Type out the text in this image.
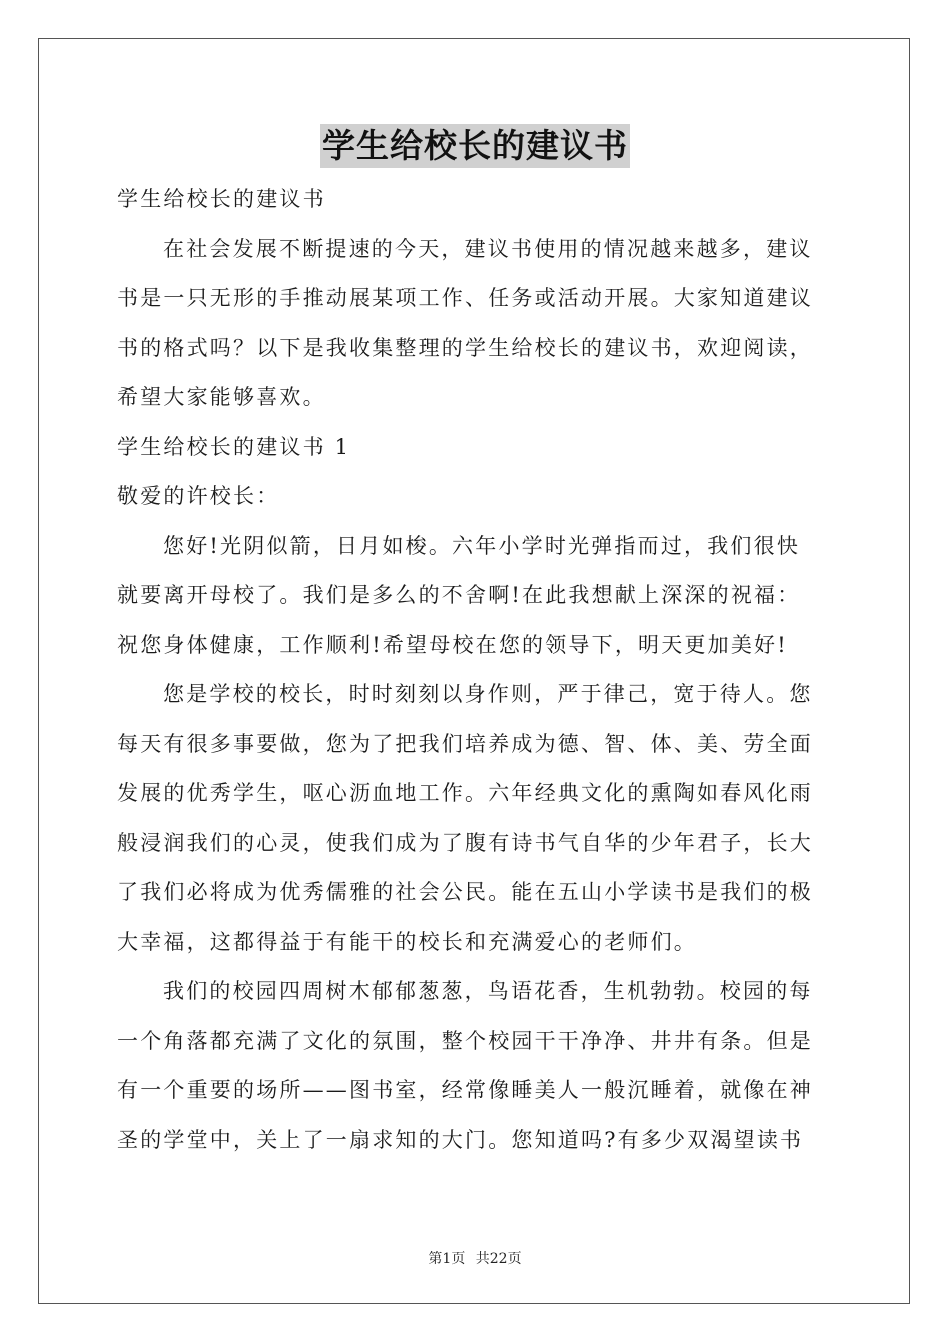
学生给校长的建议书
学生给校长的建议书
在社会发展不断提速的今天，建议书使用的情况越来越多，建议
书是一只无形的手推动展某项工作、任务或活动开展。大家知道建议
书的格式吗？以下是我收集整理的学生给校长的建议书，欢迎阅读，
希望大家能够喜欢。
学生给校长的建议书 1
敬爱的许校长：
您好!光阴似箭，日月如梭。六年小学时光弹指而过，我们很快
就要离开母校了。我们是多么的不舍啊!在此我想献上深深的祝福：
祝您身体健康，工作顺利!希望母校在您的领导下，明天更加美好!
您是学校的校长，时时刻刻以身作则，严于律己，宽于待人。您
每天有很多事要做，您为了把我们培养成为德、智、体、美、劳全面
发展的优秀学生，呕心沥血地工作。六年经典文化的熏陶如春风化雨
般浸润我们的心灵，使我们成为了腹有诗书气自华的少年君子，长大
了我们必将成为优秀儒雅的社会公民。能在五山小学读书是我们的极
大幸福，这都得益于有能干的校长和充满爱心的老师们。
我们的校园四周树木郁郁葱葱，鸟语花香，生机勃勃。校园的每
一个角落都充满了文化的氛围，整个校园干干净净、井井有条。但是
有一个重要的场所——图书室，经常像睡美人一般沉睡着，就像在神
圣的学堂中，关上了一扇求知的大门。您知道吗?有多少双渴望读书
第1页 共22页
